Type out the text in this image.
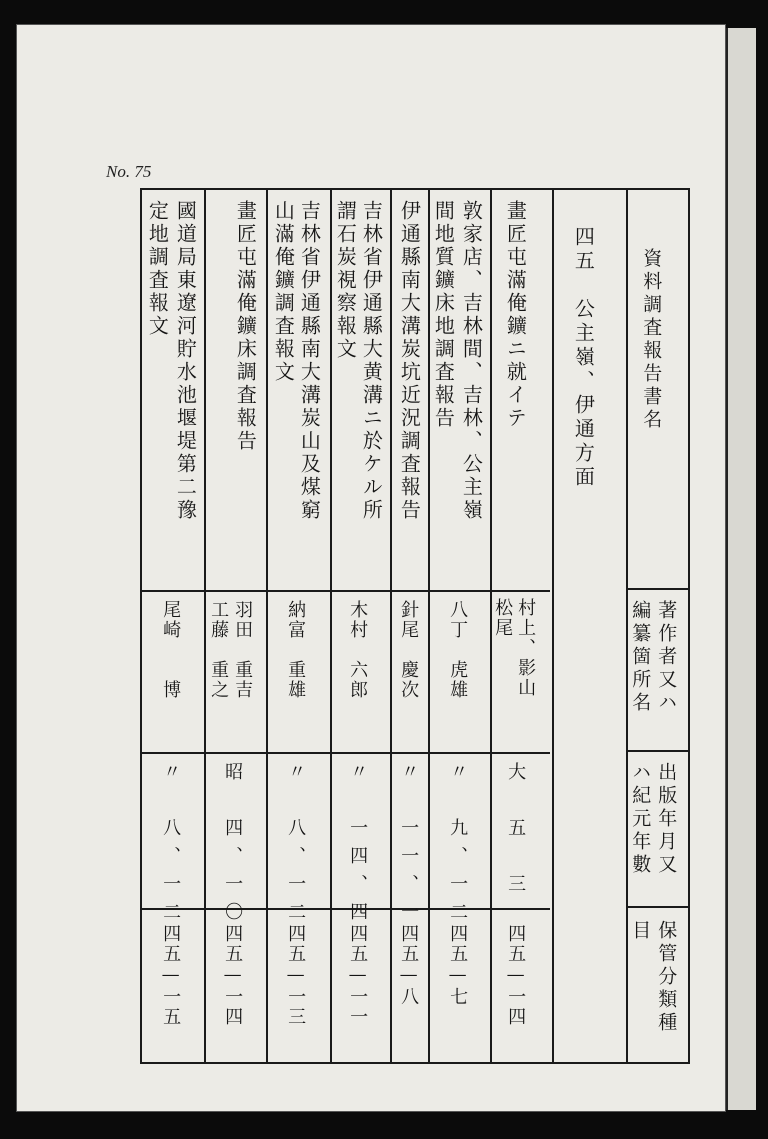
No. 75
資料調査報告書名
著作者又ハ
編纂箇所名
出版年月又
ハ紀元年數
保管分類種
目
四五　公主嶺、伊通方面
畫匠屯滿俺鑛ニ就イテ
村上、影山
松尾
大　五　三
四五—一四
敦家店、吉林間、吉林、公主嶺
間地質鑛床地調査報告
八丁　虎雄
〃　九、一二
四五—七
伊通縣南大溝炭坑近況調査報告
針尾　慶次
〃　一一、一
四五—八
吉林省伊通縣大黄溝ニ於ケル所
謂石炭視察報文
木村　六郎
〃　一四、四
四五—一一
吉林省伊通縣南大溝炭山及煤窮
山滿俺鑛調査報文
納富　重雄
〃　八、一二
四五—一三
畫匠屯滿俺鑛床調査報告
羽田　重吉
工藤　重之
昭　四、一〇
四五—一四
國道局東遼河貯水池堰堤第二豫
定地調査報文
尾崎　　博
〃　八、一二
四五—一五
